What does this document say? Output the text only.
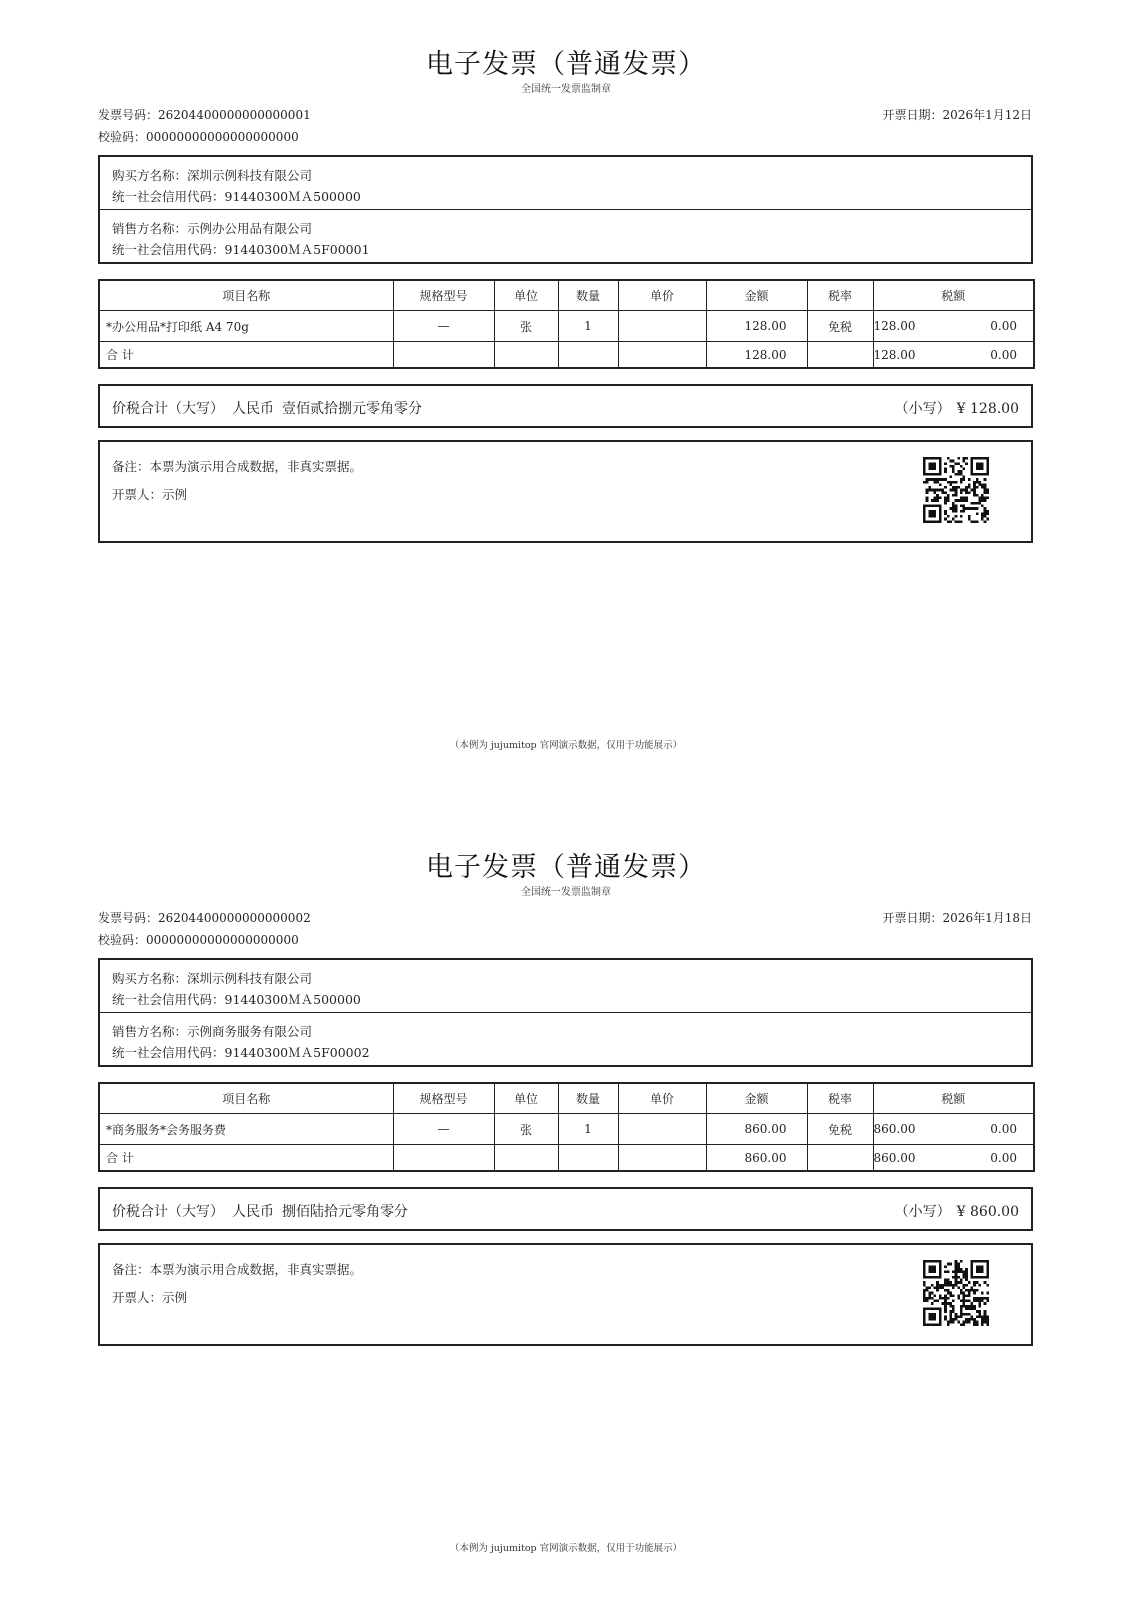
电子发票（普通发票）
全国统一发票监制章
发票号码：26204400000000000001
校验码：00000000000000000000
开票日期：2026年1月12日
购买方名称：深圳示例科技有限公司
统一社会信用代码：91440300ＭＡ500000
销售方名称：示例办公用品有限公司
统一社会信用代码：91440300ＭＡ5F00001
项目名称	规格型号	单位	数量	单价	金额	税率	税额
*办公用品*打印纸 A4 70g	—	张	1		128.00	免税	128.00 0.00

合 计					128.00		128.00 0.00
价税合计（大写） 人民币 壹佰贰拾捌元零角零分	（小写） ¥ 128.00
备注：本票为演示用合成数据，非真实票据。
开票人：示例
（本例为 jujumitop 官网演示数据，仅用于功能展示）
电子发票（普通发票）
全国统一发票监制章
发票号码：26204400000000000002
校验码：00000000000000000000
开票日期：2026年1月18日
购买方名称：深圳示例科技有限公司
统一社会信用代码：91440300ＭＡ500000
销售方名称：示例商务服务有限公司
统一社会信用代码：91440300ＭＡ5F00002
项目名称	规格型号	单位	数量	单价	金额	税率	税额
*商务服务*会务服务费	—	张	1		860.00	免税	860.00 0.00

合 计					860.00		860.00 0.00
价税合计（大写） 人民币 捌佰陆拾元零角零分	（小写） ¥ 860.00
备注：本票为演示用合成数据，非真实票据。
开票人：示例
（本例为 jujumitop 官网演示数据，仅用于功能展示）
